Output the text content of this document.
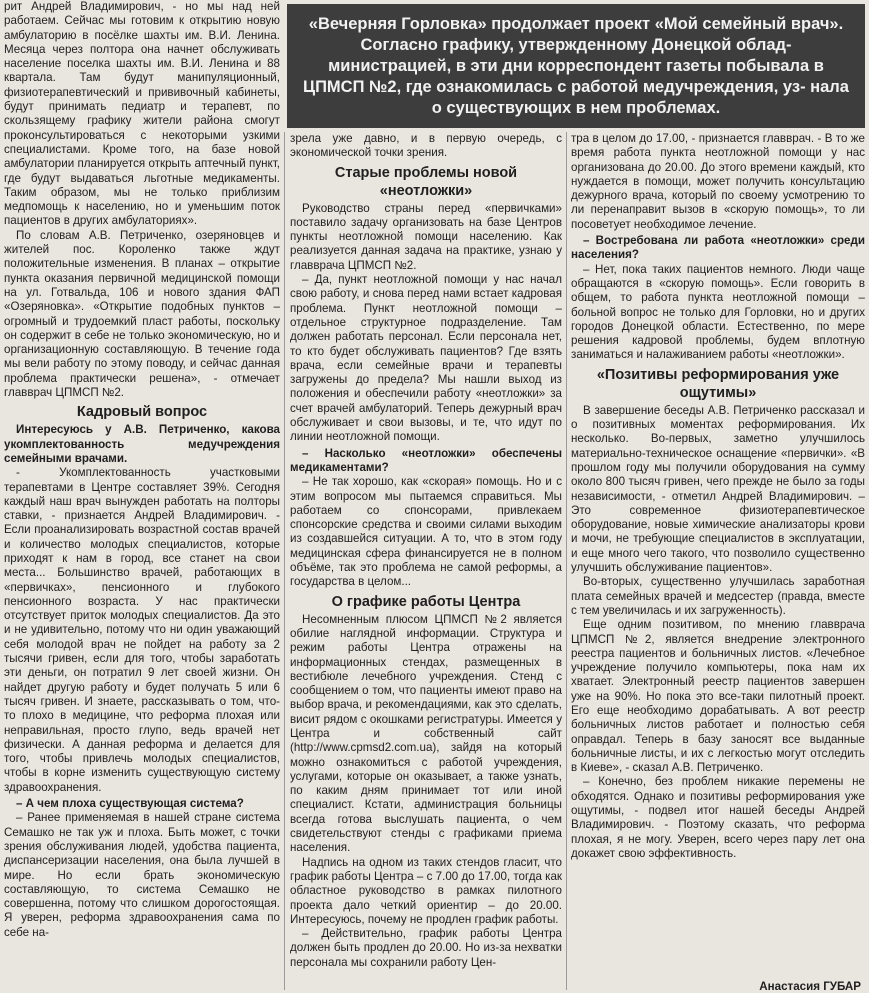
рит Андрей Владимирович, - но мы над ней работаем. Сейчас мы готовим к открытию новую амбулаторию в посёлке шахты им. В.И. Ленина. Месяца через полтора она начнет обслуживать население поселка шахты им. В.И. Ленина и 88 квартала. Там будут манипуляционный, физиотерапевтический и прививочный кабинеты, будут принимать педиатр и терапевт, по скользящему графику жители района смогут проконсультироваться с некоторыми узкими специалистами. Кроме того, на базе новой амбулатории планируется открыть аптечный пункт, где будут выдаваться льготные медикаменты. Таким образом, мы не только приблизим медпомощь к населению, но и уменьшим поток пациентов в других амбулаториях».

По словам А.В. Петриченко, озеряновцев и жителей пос. Короленко также ждут положительные изменения. В планах – открытие пункта оказания первичной медицинской помощи на ул. Готвальда, 106 и нового здания ФАП «Озеряновка». «Открытие подобных пунктов – огромный и трудоемкий пласт работы, поскольку он содержит в себе не только экономическую, но и организационную составляющую. В течение года мы вели работу по этому поводу, и сейчас данная проблема практически решена», - отмечает главврач ЦПМСП №2.

Кадровый вопрос

Интересуюсь у А.В. Петриченко, какова укомплектованность медучреждения семейными врачами.

- Укомплектованность участковыми терапевтами в Центре составляет 39%. Сегодня каждый наш врач вынужден работать на полторы ставки, - признается Андрей Владимирович. - Если проанализировать возрастной состав врачей и количество молодых специалистов, которые приходят к нам в город, все станет на свои места... Большинство врачей, работающих в «первичках», пенсионного и глубокого пенсионного возраста. У нас практически отсутствует приток молодых специалистов. Да это и не удивительно, потому что ни один уважающий себя молодой врач не пойдет на работу за 2 тысячи гривен, если для того, чтобы заработать эти деньги, он потратил 9 лет своей жизни. Он найдет другую работу и будет получать 5 или 6 тысяч гривен. И знаете, рассказывать о том, что-то плохо в медицине, что реформа плохая или неправильная, просто глупо, ведь врачей нет физически. А данная реформа и делается для того, чтобы привлечь молодых специалистов, чтобы в корне изменить существующую систему здравоохранения.

– А чем плоха существующая система?

– Ранее применяемая в нашей стране система Семашко не так уж и плоха. Быть может, с точки зрения обслуживания людей, удобства пациента, диспансеризации населения, она была лучшей в мире. Но если брать экономическую составляющую, то система Семашко не совершенна, потому что слишком дорогостоящая. Я уверен, реформа здравоохранения сама по себе на-

«Вечерняя Горловка» продолжает проект «Мой семейный врач». Согласно графику, утвержденному Донецкой облад- министрацией, в эти дни корреспондент газеты побывала в ЦПМСП №2, где ознакомилась с работой медучреждения, уз- нала о существующих в нем проблемах.

зрела уже давно, и в первую очередь, с экономической точки зрения.

Старые проблемы новой «неотложки»

Руководство страны перед «первичками» поставило задачу организовать на базе Центров пункты неотложной помощи населению. Как реализуется данная задача на практике, узнаю у главврача ЦПМСП №2.

– Да, пункт неотложной помощи у нас начал свою работу, и снова перед нами встает кадровая проблема. Пункт неотложной помощи – отдельное структурное подразделение. Там должен работать персонал. Если персонала нет, то кто будет обслуживать пациентов? Где взять врача, если семейные врачи и терапевты загружены до предела? Мы нашли выход из положения и обеспечили работу «неотложки» за счет врачей амбулаторий. Теперь дежурный врач обслуживает и свои вызовы, и те, что идут по линии неотложной помощи.

– Насколько «неотложки» обеспечены медикаментами?

– Не так хорошо, как «скорая» помощь. Но и с этим вопросом мы пытаемся справиться. Мы работаем со спонсорами, привлекаем спонсорские средства и своими силами выходим из создавшейся ситуации. А то, что в этом году медицинская сфера финансируется не в полном объёме, так это проблема не самой реформы, а государства в целом...

О графике работы Центра

Несомненным плюсом ЦПМСП №2 является обилие наглядной информации. Структура и режим работы Центра отражены на информационных стендах, размещенных в вестибюле лечебного учреждения. Стенд с сообщением о том, что пациенты имеют право на выбор врача, и рекомендациями, как это сделать, висит рядом с окошками регистратуры. Имеется у Центра и собственный сайт (http://www.cpmsd2.com.ua), зайдя на который можно ознакомиться с работой учреждения, услугами, которые он оказывает, а также узнать, по каким дням принимает тот или иной специалист. Кстати, администрация больницы всегда готова выслушать пациента, о чем свидетельствуют стенды с графиками приема населения.

Надпись на одном из таких стендов гласит, что график работы Центра – с 7.00 до 17.00, тогда как областное руководство в рамках пилотного проекта дало четкий ориентир – до 20.00. Интересуюсь, почему не продлен график работы.

– Действительно, график работы Центра должен быть продлен до 20.00. Но из-за нехватки персонала мы сохранили работу Цен-

тра в целом до 17.00, - признается главврач. - В то же время работа пункта неотложной помощи у нас организована до 20.00. До этого времени каждый, кто нуждается в помощи, может получить консультацию дежурного врача, который по своему усмотрению то ли перенаправит вызов в «скорую помощь», то ли посоветует необходимое лечение.

– Востребована ли работа «неотложки» среди населения?

– Нет, пока таких пациентов немного. Люди чаще обращаются в «скорую помощь». Если говорить в общем, то работа пункта неотложной помощи – больной вопрос не только для Горловки, но и других городов Донецкой области. Естественно, по мере решения кадровой проблемы, будем вплотную заниматься и налаживанием работы «неотложки».

«Позитивы реформирования уже ощутимы»

В завершение беседы А.В. Петриченко рассказал и о позитивных моментах реформирования. Их несколько. Во-первых, заметно улучшилось материально-техническое оснащение «первички». «В прошлом году мы получили оборудования на сумму около 800 тысяч гривен, чего прежде не было за годы независимости, - отметил Андрей Владимирович. – Это современное физиотерапевтическое оборудование, новые химические анализаторы крови и мочи, не требующие специалистов в эксплуатации, и еще много чего такого, что позволило существенно улучшить обслуживание пациентов».

Во-вторых, существенно улучшилась заработная плата семейных врачей и медсестер (правда, вместе с тем увеличилась и их загруженность).

Еще одним позитивом, по мнению главврача ЦПМСП №2, является внедрение электронного реестра пациентов и больничных листов. «Лечебное учреждение получило компьютеры, пока нам их хватает. Электронный реестр пациентов завершен уже на 90%. Но пока это все-таки пилотный проект. Его еще необходимо дорабатывать. А вот реестр больничных листов работает и полностью себя оправдал. Теперь в базу заносят все выданные больничные листы, и их с легкостью могут отследить в Киеве», - сказал А.В. Петриченко.

– Конечно, без проблем никакие перемены не обходятся. Однако и позитивы реформирования уже ощутимы, - подвел итог нашей беседы Андрей Владимирович. - Поэтому сказать, что реформа плохая, я не могу. Уверен, всего через пару лет она докажет свою эффективность.

Анастасия ГУБАР
